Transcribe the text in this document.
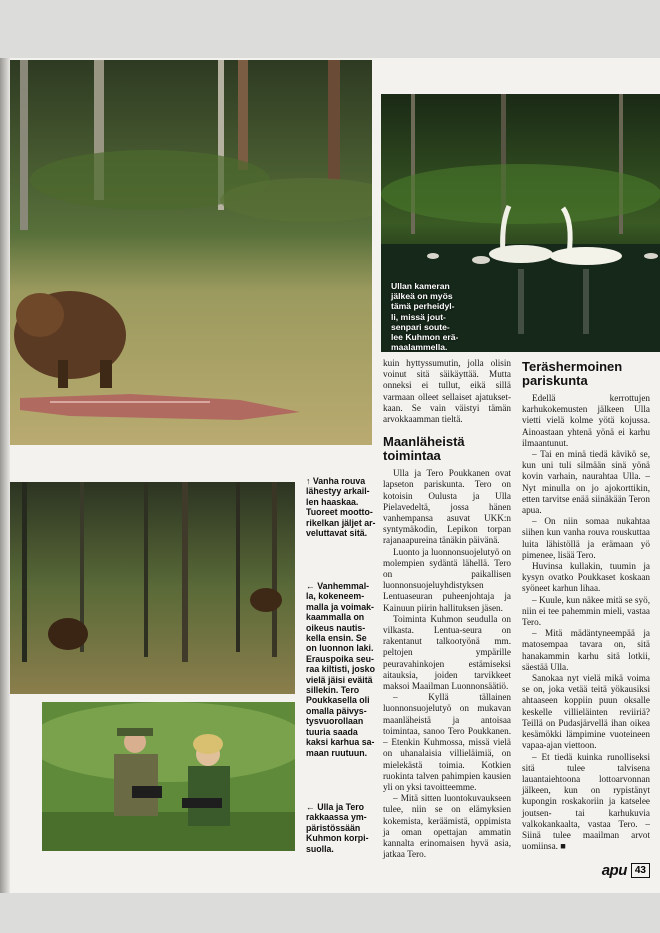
Ullan kameran
jälkeä on myös
tämä perheidyl-
li, missä jout-
senpari soute-
lee Kuhmon erä-
maalammella.
↑ Vanha rouva
lähestyy arkail-
len haaskaa.
Tuoreet moottо-
rikelkan jäljet ar-
veluttavat sitä.
← Vanhemmal-
la, kokeneem-
malla ja voimak-
kaammalla on
oikeus nautis-
kella ensin. Se
on luonnon laki.
Erauspoika seu-
raa kiltisti, josko
vielä jäisi eväitä
sillekin. Tero
Poukkasella oli
omalla päivys-
tysvuorollaan
tuuria saada
kaksi karhua sa-
maan ruutuun.
← Ulla ja Tero
rakkaassa ym-
päristössään
Kuhmon korpi-
suolla.

kuin hyttyssumutin, jolla olisin voinut sitä säikäyttää. Mutta onneksi ei tullut, eikä sillä varmaan olleet sellaiset ajatukset-kaan. Se vain väistyi tämän arvokkaamman tieltä.

Maanläheistä toimintaa

Ulla ja Tero Poukkanen ovat lapseton pariskunta. Tero on kotoisin Oulusta ja Ulla Pielavedeltä, jossa hänen vanhempansa asuvat UKK:n syntymäkodin, Lepikon torpan rajanaapureina tänäkin päivänä.

Luonto ja luonnonsuojelutyö on molempien sydäntä lähellä. Tero on paikallisen luonnonsuojeluyhdistyksen Lentuaseuran puheenjohtaja ja Kainuun piirin hallituksen jäsen.

Toiminta Kuhmon seudulla on vilkasta. Lentua-seura on rakentanut talkootyönä mm. peltojen ympärille peuravahinkojen estämiseksi aitauksia, joiden tarvikkeet maksoi Maailman Luonnonsäätiö.

– Kyllä tällainen luonnonsuojelutyö on mukavan maanläheistä ja antoisaa toimintaa, sanoo Tero Poukkanen. – Etenkin Kuhmossa, missä vielä on uhanalaisia villieläimiä, on mielekästä toimia. Kotkien ruokinta talven pahimpien kausien yli on yksi tavoitteemme.

– Mitä sitten luontokuvaukseen tulee, niin se on elämyksien kokemista, keräämistä, oppimista ja oman opettajan ammatin kannalta erinomaisen hyvä asia, jatkaa Tero.

Teräshermoinen pariskunta

Edellä kerrottujen karhukokemusten jälkeen Ulla vietti vielä kolme yötä kojussa. Ainoastaan yhtenä yönä ei karhu ilmaantunut.

– Tai en minä tiedä kävikö se, kun uni tuli silmään sinä yönä kovin varhain, naurahtaa Ulla. – Nyt minulla on jo ajokorttikin, etten tarvitse enää siinäkään Teron apua.

– On niin somaa nukahtaa siihen kun vanha rouva rouskuttaa luita lähistöllä ja erämaan yö pimenee, lisää Tero.

Huvinsa kullakin, tuumin ja kysyn ovatko Poukkaset koskaan syöneet karhun lihaa.

– Kuule, kun näkee mitä se syö, niin ei tee pahemmin mieli, vastaa Tero.

– Mitä mädäntyneempää ja matosempaa tavara on, sitä hanakammin karhu sitä lotkii, säestää Ulla.

Sanokaa nyt vielä mikä voima se on, joka vetää teitä yökausiksi ahtaaseen koppiin puun oksalle keskelle villieläinten reviiriä? Teillä on Pudasjärvellä ihan oikea kesämökki lämpimine vuoteineen vapaa-ajan viettoon.

– Et tiedä kuinka runolliseksi sitä tulee talvisena lauantaiehtoona lottoarvonnan jälkeen, kun on rypistänyt kupongin roskakoriin ja katselee joutsen- tai karhukuvia valkokankaalta, vastaa Tero. – Siinä tulee maailman arvot uomiinsa. ■

apu 43
